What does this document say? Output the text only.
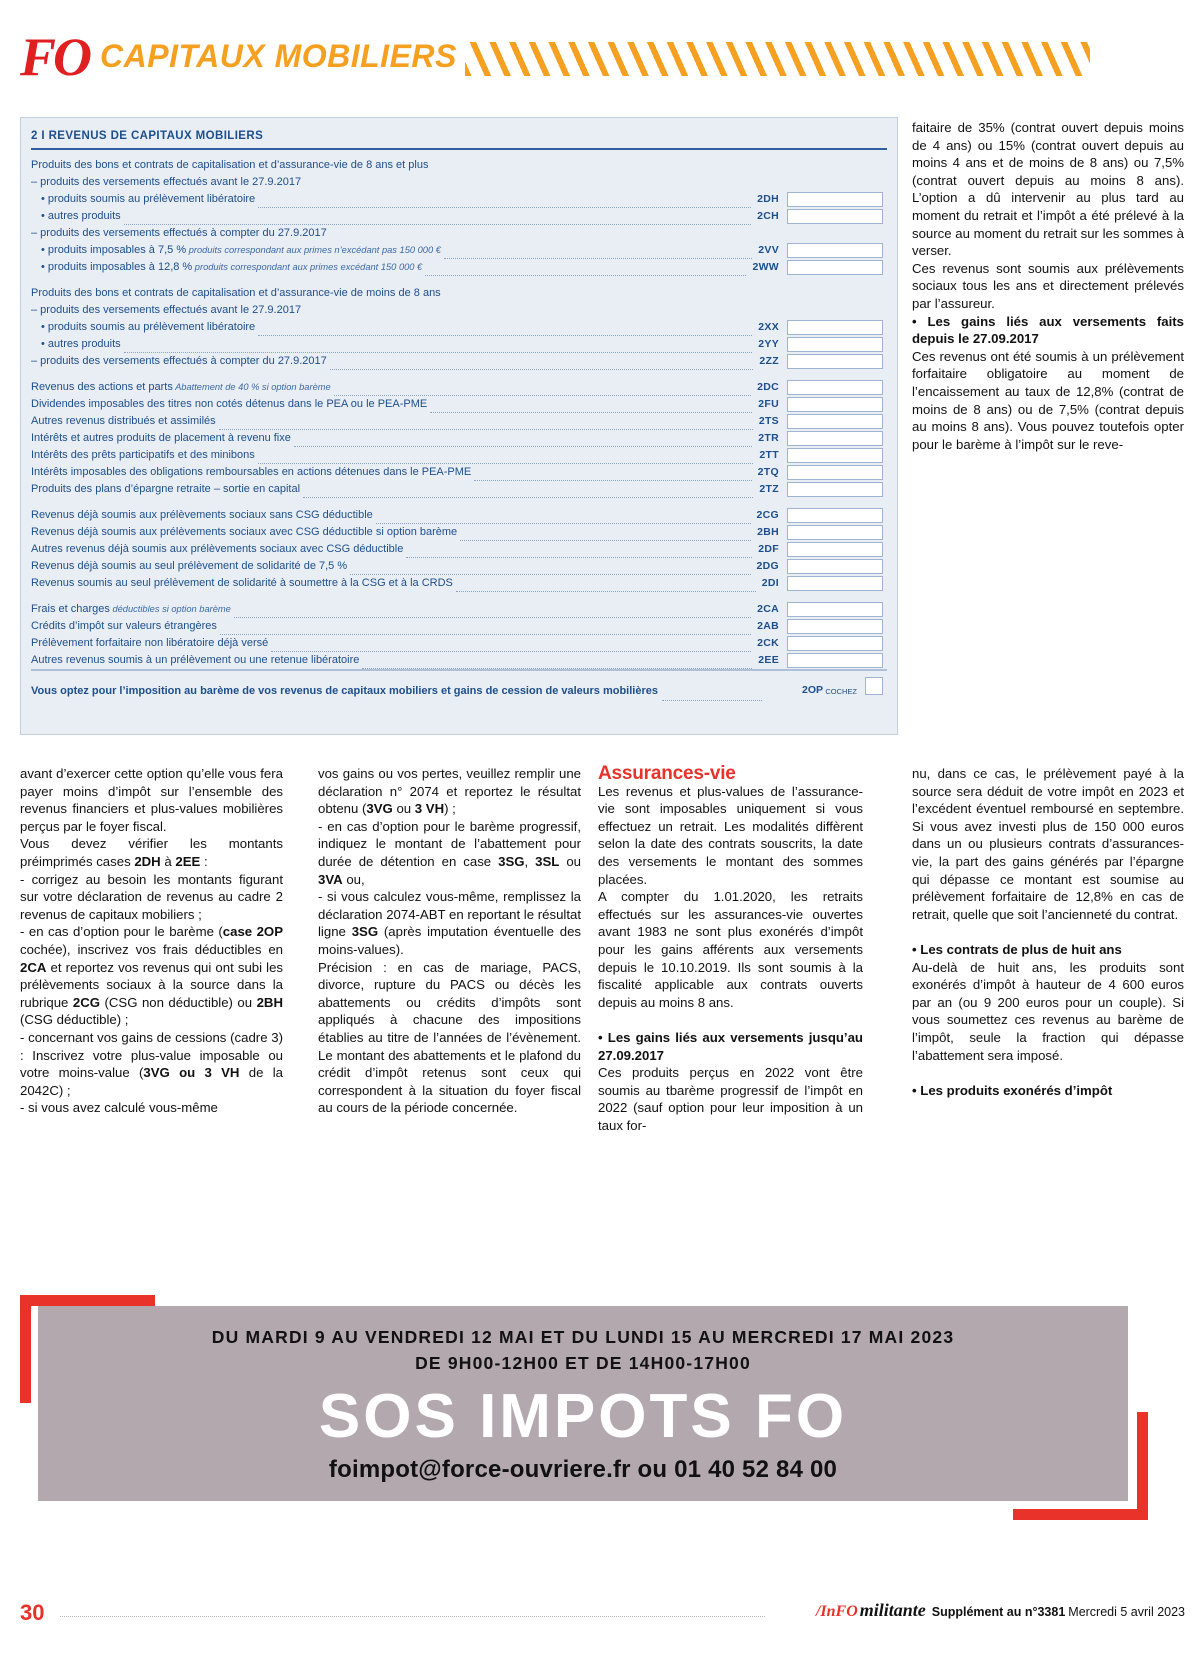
FO CAPITAUX MOBILIERS
2 I REVENUS DE CAPITAUX MOBILIERS
Produits des bons et contrats de capitalisation et d’assurance-vie de 8 ans et plus
– produits des versements effectués avant le 27.9.2017
• produits soumis au prélèvement libératoire	2DH
• autres produits	2CH
– produits des versements effectués à compter du 27.9.2017
• produits imposables à 7,5 % produits correspondant aux primes n’excédant pas 150 000 €	2VV
• produits imposables à 12,8 % produits correspondant aux primes excédant 150 000 €	2WW
Produits des bons et contrats de capitalisation et d’assurance-vie de moins de 8 ans
– produits des versements effectués avant le 27.9.2017
• produits soumis au prélèvement libératoire	2XX
• autres produits	2YY
– produits des versements effectués à compter du 27.9.2017	2ZZ
Revenus des actions et parts Abattement de 40 % si option barème	2DC
Dividendes imposables des titres non cotés détenus dans le PEA ou le PEA-PME	2FU
Autres revenus distribués et assimilés	2TS
Intérêts et autres produits de placement à revenu fixe	2TR
Intérêts des prêts participatifs et des minibons	2TT
Intérêts imposables des obligations remboursables en actions détenues dans le PEA-PME	2TQ
Produits des plans d’épargne retraite – sortie en capital	2TZ
Revenus déjà soumis aux prélèvements sociaux sans CSG déductible	2CG
Revenus déjà soumis aux prélèvements sociaux avec CSG déductible si option barème	2BH
Autres revenus déjà soumis aux prélèvements sociaux avec CSG déductible	2DF
Revenus déjà soumis au seul prélèvement de solidarité de 7,5 %	2DG
Revenus soumis au seul prélèvement de solidarité à soumettre à la CSG et à la CRDS	2DI
Frais et charges déductibles si option barème	2CA
Crédits d’impôt sur valeurs étrangères	2AB
Prélèvement forfaitaire non libératoire déjà versé	2CK
Autres revenus soumis à un prélèvement ou une retenue libératoire	2EE
Vous optez pour l’imposition au barème de vos revenus de capitaux mobiliers et gains de cession de valeurs mobilières	2OP COCHEZ

faitaire de 35% (contrat ouvert depuis moins de 4 ans) ou 15% (contrat ouvert depuis au moins 4 ans et de moins de 8 ans) ou 7,5% (contrat ouvert depuis au moins 8 ans). L’option a dû intervenir au plus tard au moment du retrait et l’impôt a été prélevé à la source au moment du retrait sur les sommes à verser.

Ces revenus sont soumis aux prélèvements sociaux tous les ans et directement prélevés par l’assureur.

• Les gains liés aux versements faits depuis le 27.09.2017

Ces revenus ont été soumis à un prélèvement forfaitaire obligatoire au moment de l’encaissement au taux de 12,8% (contrat de moins de 8 ans) ou de 7,5% (contrat depuis au moins 8 ans). Vous pouvez toutefois opter pour le barème à l’impôt sur le reve-

avant d’exercer cette option qu’elle vous fera payer moins d’impôt sur l’ensemble des revenus financiers et plus-values mobilières perçus par le foyer fiscal.

Vous devez vérifier les montants préimprimés cases 2DH à 2EE :

- corrigez au besoin les montants figurant sur votre déclaration de revenus au cadre 2 revenus de capitaux mobiliers ;

- en cas d’option pour le barème (case 2OP cochée), inscrivez vos frais déductibles en 2CA et reportez vos revenus qui ont subi les prélèvements sociaux à la source dans la rubrique 2CG (CSG non déductible) ou 2BH (CSG déductible) ;

- concernant vos gains de cessions (cadre 3) : Inscrivez votre plus-value imposable ou votre moins-value (3VG ou 3 VH de la 2042C) ;

- si vous avez calculé vous-même

vos gains ou vos pertes, veuillez remplir une déclaration n° 2074 et reportez le résultat obtenu (3VG ou 3 VH) ;

- en cas d’option pour le barème progressif, indiquez le montant de l’abattement pour durée de détention en case 3SG, 3SL ou 3VA ou,

- si vous calculez vous-même, remplissez la déclaration 2074-ABT en reportant le résultat ligne 3SG (après imputation éventuelle des moins-values).

Précision : en cas de mariage, PACS, divorce, rupture du PACS ou décès les abattements ou crédits d’impôts sont appliqués à chacune des impositions établies au titre de l’années de l’évènement. Le montant des abattements et le plafond du crédit d’impôt retenus sont ceux qui correspondent à la situation du foyer fiscal au cours de la période concernée.

Assurances-vie

Les revenus et plus-values de l’assurance-vie sont imposables uniquement si vous effectuez un retrait. Les modalités diffèrent selon la date des contrats souscrits, la date des versements le montant des sommes placées.

A compter du 1.01.2020, les retraits effectués sur les assurances-vie ouvertes avant 1983 ne sont plus exonérés d’impôt pour les gains afférents aux versements depuis le 10.10.2019. Ils sont soumis à la fiscalité applicable aux contrats ouverts depuis au moins 8 ans.

• Les gains liés aux versements jusqu’au 27.09.2017

Ces produits perçus en 2022 vont être soumis au tbarème progressif de l’impôt en 2022 (sauf option pour leur imposition à un taux for-

nu, dans ce cas, le prélèvement payé à la source sera déduit de votre impôt en 2023 et l’excédent éventuel remboursé en septembre. Si vous avez investi plus de 150 000 euros dans un ou plusieurs contrats d’assurances-vie, la part des gains générés par l’épargne qui dépasse ce montant est soumise au prélèvement forfaitaire de 12,8% en cas de retrait, quelle que soit l’ancienneté du contrat.

• Les contrats de plus de huit ans

Au-delà de huit ans, les produits sont exonérés d’impôt à hauteur de 4 600 euros par an (ou 9 200 euros pour un couple). Si vous soumettez ces revenus au barème de l’impôt, seule la fraction qui dépasse l’abattement sera imposé.

• Les produits exonérés d’impôt

DU MARDI 9 AU VENDREDI 12 MAI ET DU LUNDI 15 AU MERCREDI 17 MAI 2023
DE 9H00-12H00 ET DE 14H00-17H00
SOS IMPOTS FO
foimpot@force-ouvriere.fr ou 01 40 52 84 00
30	/InFO militante Supplément au n°3381 Mercredi 5 avril 2023
